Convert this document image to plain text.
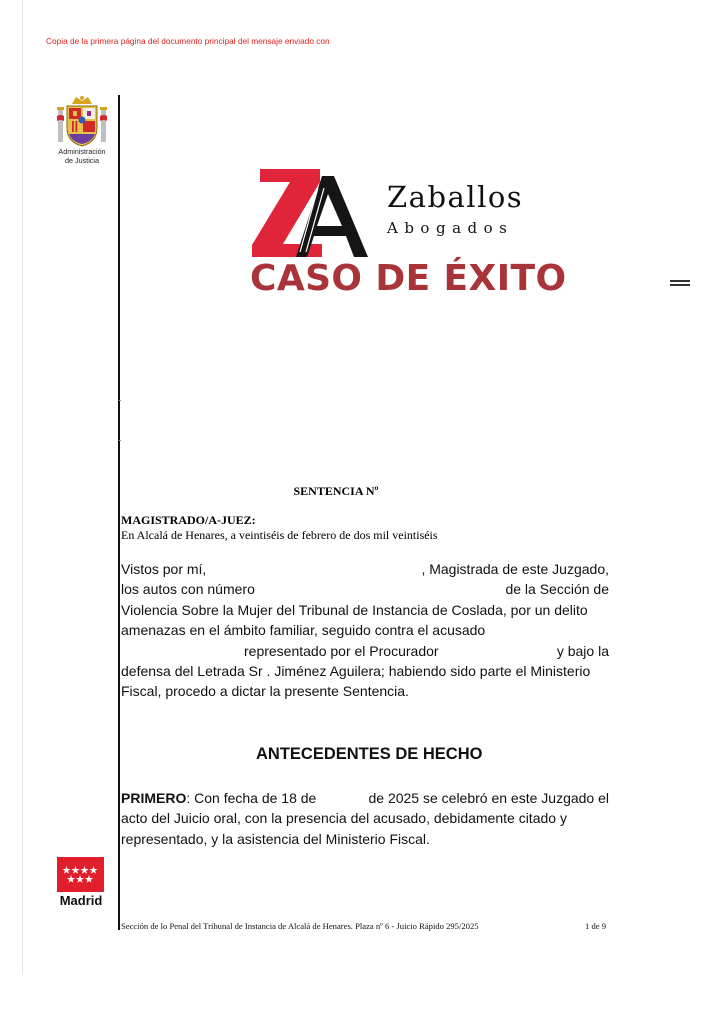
Copia de la primera página del documento principal del mensaje enviado con
Administración
de Justicia
Zaballos
Abogados
CASO DE ÉXITO
SENTENCIA Nº
MAGISTRADO/A-JUEZ:
En Alcalá de Henares, a veintiséis de febrero de dos mil veintiséis
Vistos por mí,	, Magistrada de este Juzgado,
los autos con número	de la Sección de
Violencia Sobre la Mujer del Tribunal de Instancia de Coslada, por un delito
amenazas en el ámbito familiar, seguido contra el acusado
representado por el Procurador	y bajo la
defensa del Letrada Sr . Jiménez Aguilera; habiendo sido parte el Ministerio
Fiscal, procedo a dictar la presente Sentencia.
ANTECEDENTES DE HECHO
PRIMERO: Con fecha de 18 de	de 2025 se celebró en este Juzgado el
acto del Juicio oral, con la presencia del acusado, debidamente citado y
representado, y la asistencia del Ministerio Fiscal.
Madrid
Sección de lo Penal del Tribunal de Instancia de Alcalá de Henares. Plaza nº 6 - Juicio Rápido 295/2025	1 de 9
